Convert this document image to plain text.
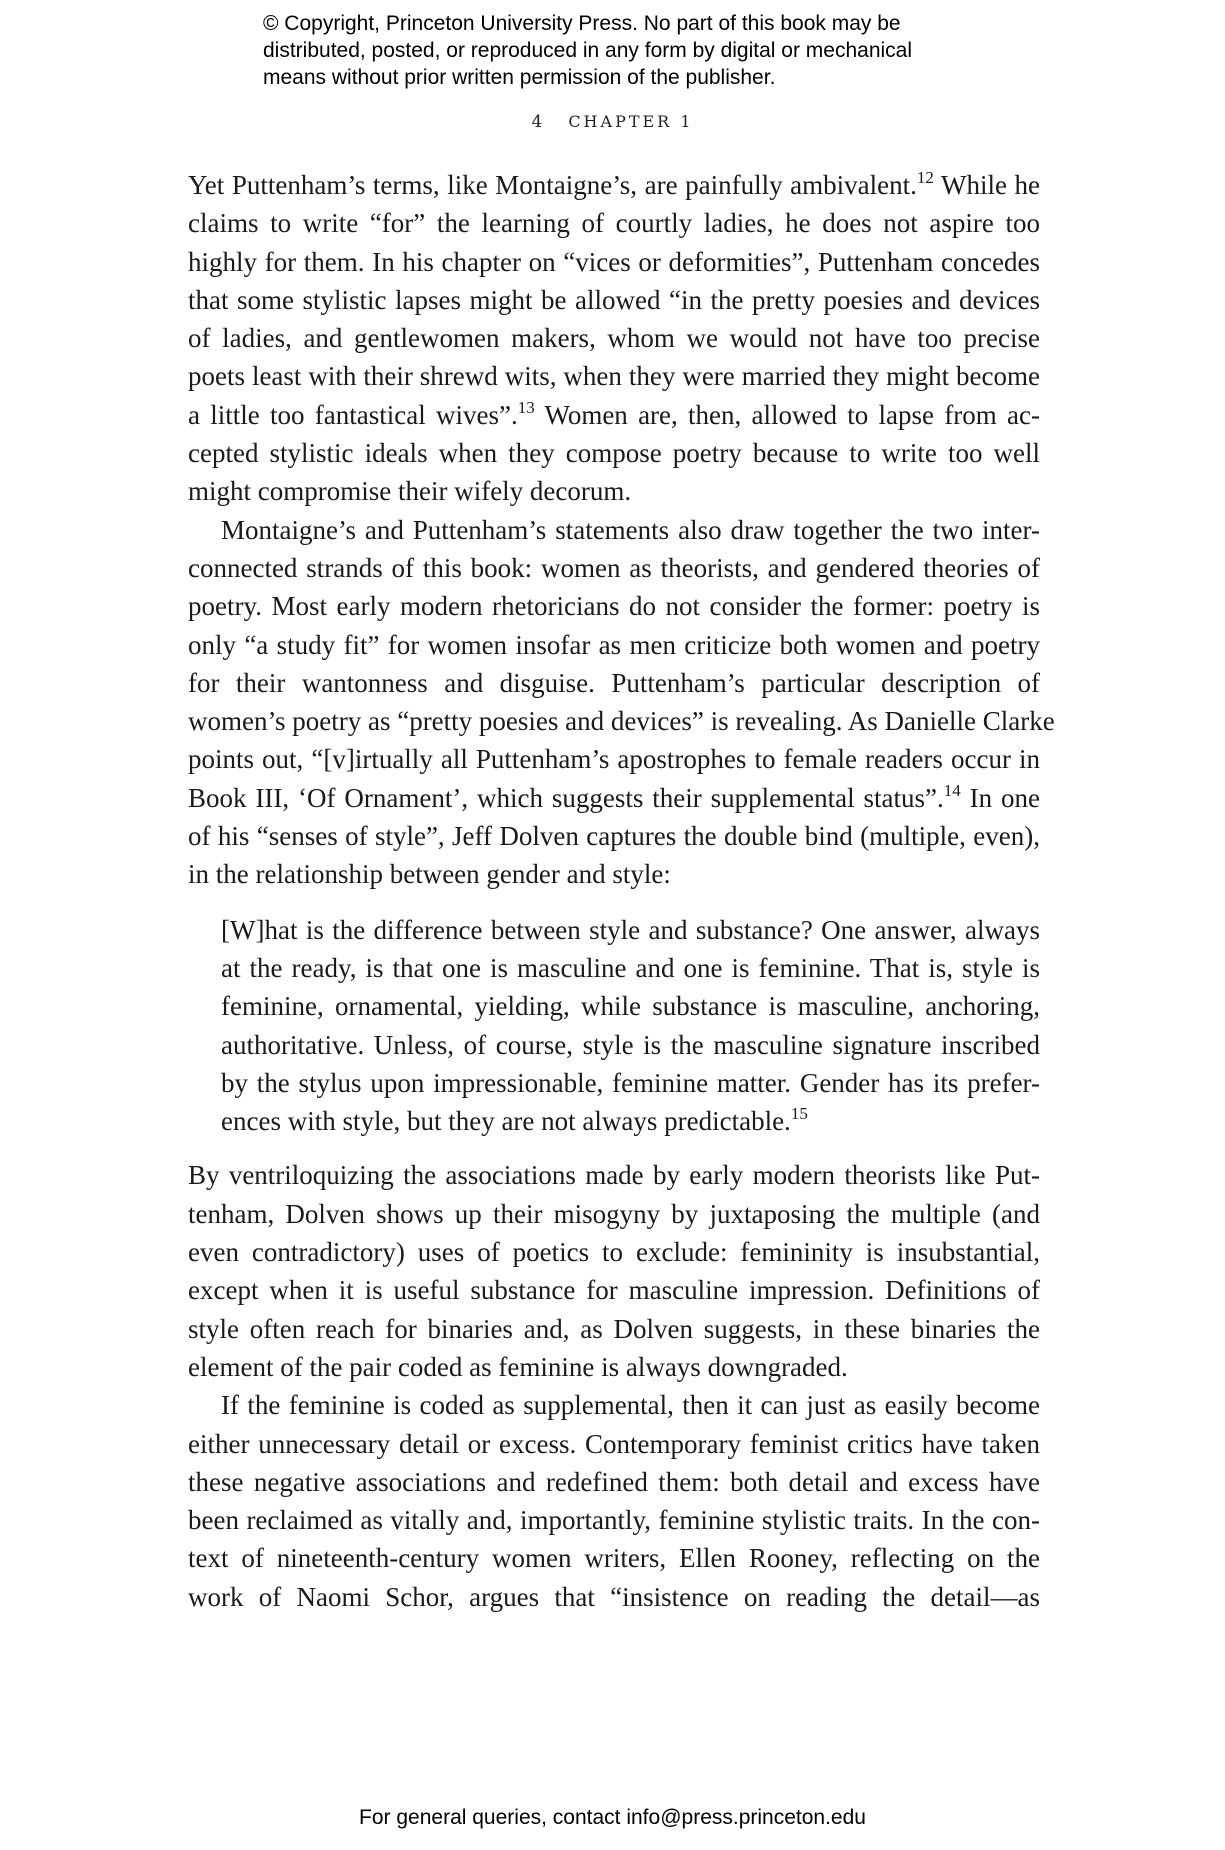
© Copyright, Princeton University Press. No part of this book may be
distributed, posted, or reproduced in any form by digital or mechanical
means without prior written permission of the publisher.
4 CHAPTER 1
Yet Puttenham’s terms, like Montaigne’s, are painfully ambivalent.$^{12}$ While he
claims to write “for” the learning of courtly ladies, he does not aspire too
highly for them. In his chapter on “vices or deformities”, Puttenham concedes
that some stylistic lapses might be allowed “in the pretty poesies and devices
of ladies, and gentlewomen makers, whom we would not have too precise
poets least with their shrewd wits, when they were married they might become
a little too fantastical wives”.$^{13}$ Women are, then, allowed to lapse from ac-
cepted stylistic ideals when they compose poetry because to write too well
might compromise their wifely decorum.
Montaigne’s and Puttenham’s statements also draw together the two inter-
connected strands of this book: women as theorists, and gendered theories of
poetry. Most early modern rhetoricians do not consider the former: poetry is
only “a study fit” for women insofar as men criticize both women and poetry
for their wantonness and disguise. Puttenham’s particular description of
women’s poetry as “pretty poesies and devices” is revealing. As Danielle Clarke
points out, “[v]irtually all Puttenham’s apostrophes to female readers occur in
Book III, ‘Of Ornament’, which suggests their supplemental status”.$^{14}$ In one
of his “senses of style”, Jeff Dolven captures the double bind (multiple, even),
in the relationship between gender and style:
[W]hat is the difference between style and substance? One answer, always
at the ready, is that one is masculine and one is feminine. That is, style is
feminine, ornamental, yielding, while substance is masculine, anchoring,
authoritative. Unless, of course, style is the masculine signature inscribed
by the stylus upon impressionable, feminine matter. Gender has its prefer-
ences with style, but they are not always predictable.$^{15}$
By ventriloquizing the associations made by early modern theorists like Put-
tenham, Dolven shows up their misogyny by juxtaposing the multiple (and
even contradictory) uses of poetics to exclude: femininity is insubstantial,
except when it is useful substance for masculine impression. Definitions of
style often reach for binaries and, as Dolven suggests, in these binaries the
element of the pair coded as feminine is always downgraded.
If the feminine is coded as supplemental, then it can just as easily become
either unnecessary detail or excess. Contemporary feminist critics have taken
these negative associations and redefined them: both detail and excess have
been reclaimed as vitally and, importantly, feminine stylistic traits. In the con-
text of nineteenth-century women writers, Ellen Rooney, reflecting on the
work of Naomi Schor, argues that “insistence on reading the detail—as
For general queries, contact info@press.princeton.edu
